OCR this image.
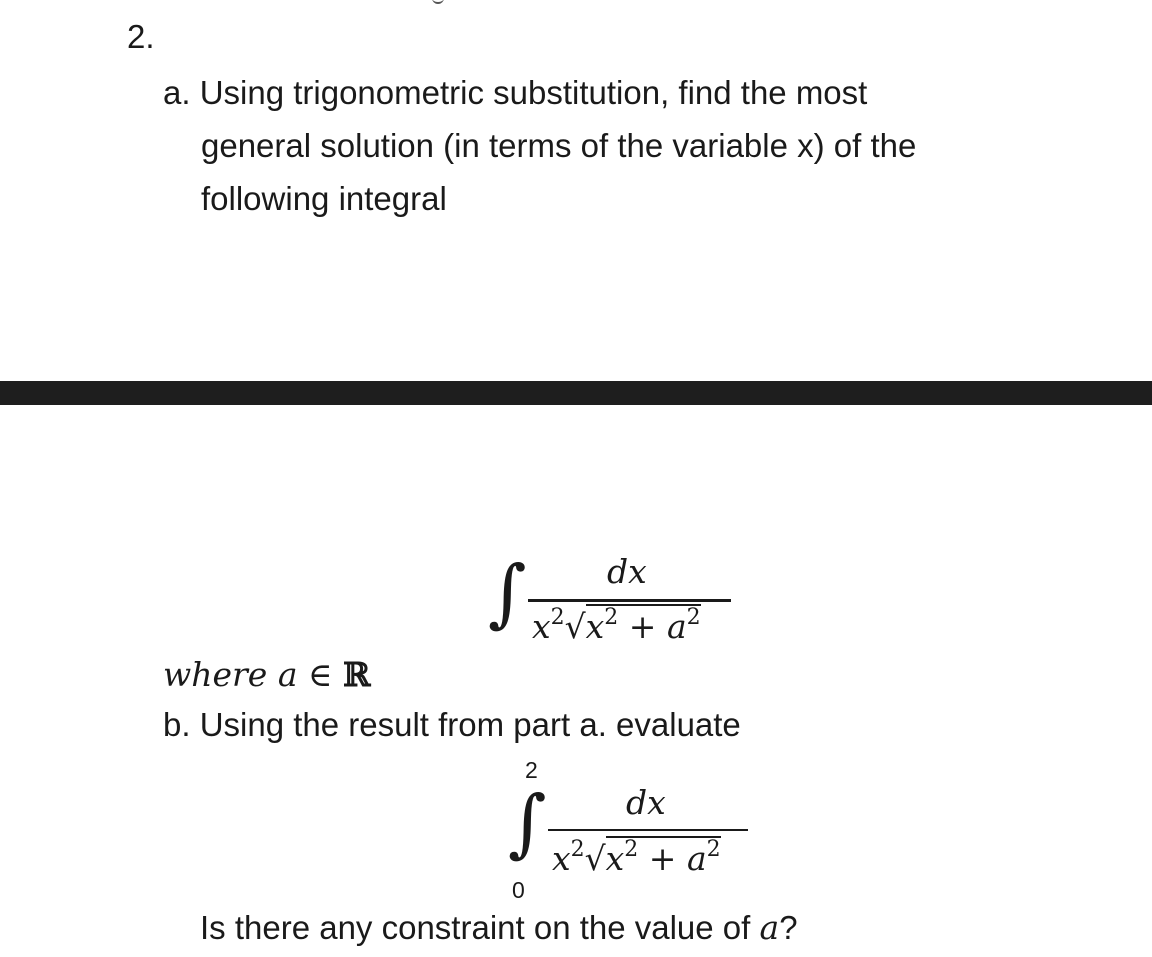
2.
a. Using trigonometric substitution, find the most
general solution (in terms of the variable x) of the
following integral
∫ dx
$x^2√x^2 + a^2$
where a ∈ ℝ
b. Using the result from part a. evaluate
2
∫
0
dx
$x^2√x^2 + a^2$
Is there any constraint on the value of a?
